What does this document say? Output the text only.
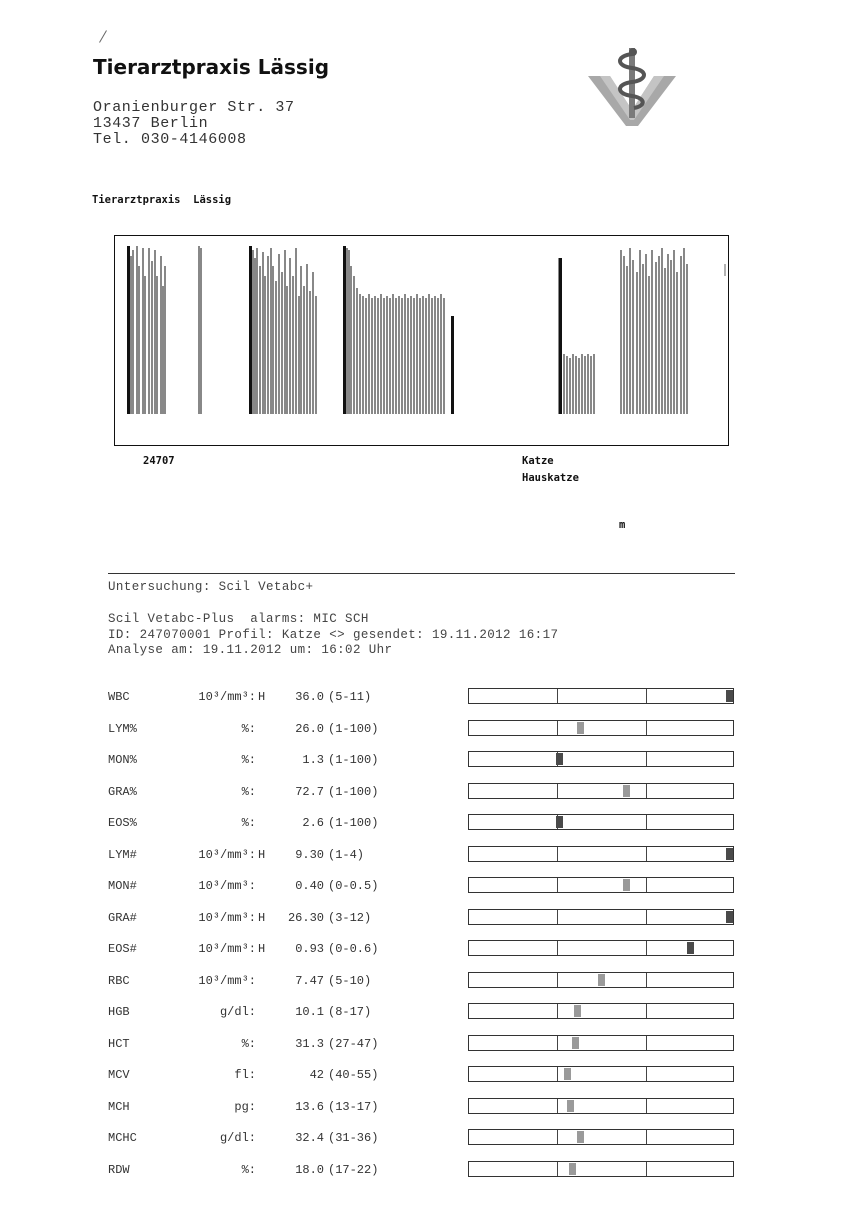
Tierarztpraxis Lässig
Oranienburger Str. 37
13437 Berlin
Tel. 030-4146008
Tierarztpraxis  Lässig
24707	Katze
Hauskatze
m
Untersuchung: Scil Vetabc+
Scil Vetabc-Plus  alarms: MIC SCH
ID: 247070001 Profil: Katze <> gesendet: 19.11.2012 16:17
Analyse am: 19.11.2012 um: 16:02 Uhr
WBC	10³/mm³: H	36.0 (5-11)
LYM%	%:	26.0 (1-100)
MON%	%:	1.3 (1-100)
GRA%	%:	72.7 (1-100)
EOS%	%:	2.6 (1-100)
LYM#	10³/mm³: H	9.30 (1-4)
MON#	10³/mm³:	0.40 (0-0.5)
GRA#	10³/mm³: H	26.30 (3-12)
EOS#	10³/mm³: H	0.93 (0-0.6)
RBC	10³/mm³:	7.47 (5-10)
HGB	g/dl:	10.1 (8-17)
HCT	%:	31.3 (27-47)
MCV	fl:	42 (40-55)
MCH	pg:	13.6 (13-17)
MCHC	g/dl:	32.4 (31-36)
RDW	%:	18.0 (17-22)
